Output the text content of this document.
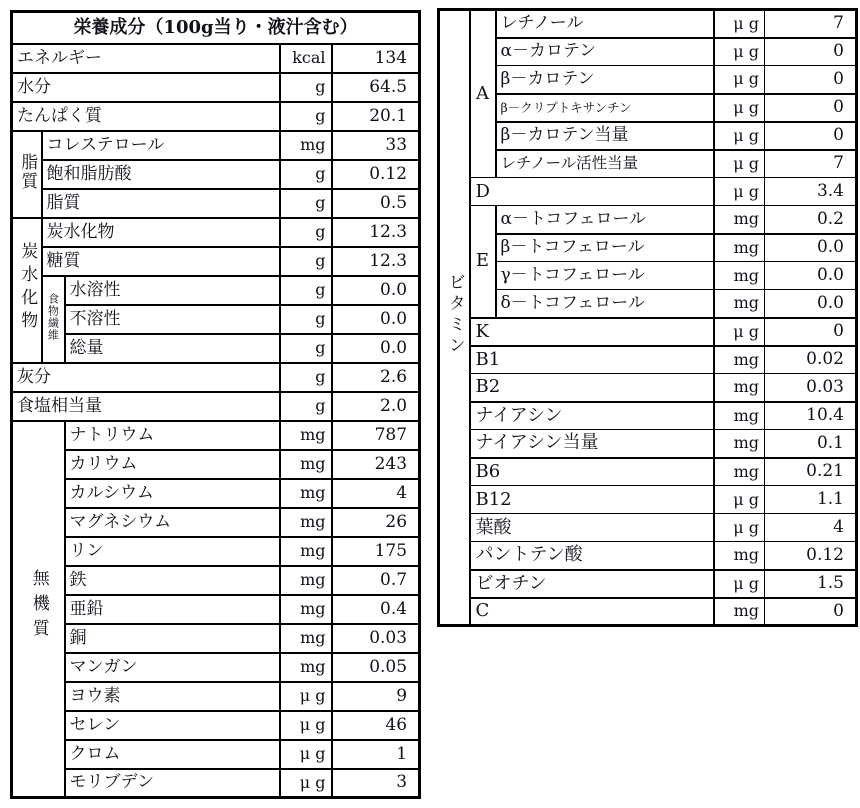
栄養成分（100g当り・液汁含む）				
エネルギー			kcal	134
水分			g	64.5
たんぱく質			g	20.1
脂質	コレステロール		mg	33
	飽和脂肪酸		g	0.12
	脂質		g	0.5
炭水化物	炭水化物		g	12.3
	糖質		g	12.3
	食物繊維	水溶性	g	0.0
		不溶性	g	0.0
		総量	g	0.0
灰分			g	2.6
食塩相当量			g	2.0
無機質		ナトリウム	mg	787
		カリウム	mg	243
		カルシウム	mg	4
		マグネシウム	mg	26
		リン	mg	175
		鉄	mg	0.7
		亜鉛	mg	0.4
		銅	mg	0.03
		マンガン	mg	0.05
		ヨウ素	μ g	9
		セレン	μ g	46
		クロム	μ g	1
		モリブデン	μ g	3
ビタミン	A	レチノール	μ g	7
		α－カロテン	μ g	0
		β－カロテン	μ g	0
		β－クリプトキサンチン	μ g	0
		β－カロテン当量	μ g	0
		レチノール活性当量	μ g	7
	D		μ g	3.4
	E	α－トコフェロール	mg	0.2
		β－トコフェロール	mg	0.0
		γ－トコフェロール	mg	0.0
		δ－トコフェロール	mg	0.0
	K		μ g	0
	B1		mg	0.02
	B2		mg	0.03
	ナイアシン		mg	10.4
	ナイアシン当量		mg	0.1
	B6		mg	0.21
	B12		μ g	1.1
	葉酸		μ g	4
	パントテン酸		mg	0.12
	ビオチン		μ g	1.5
	C		mg	0
